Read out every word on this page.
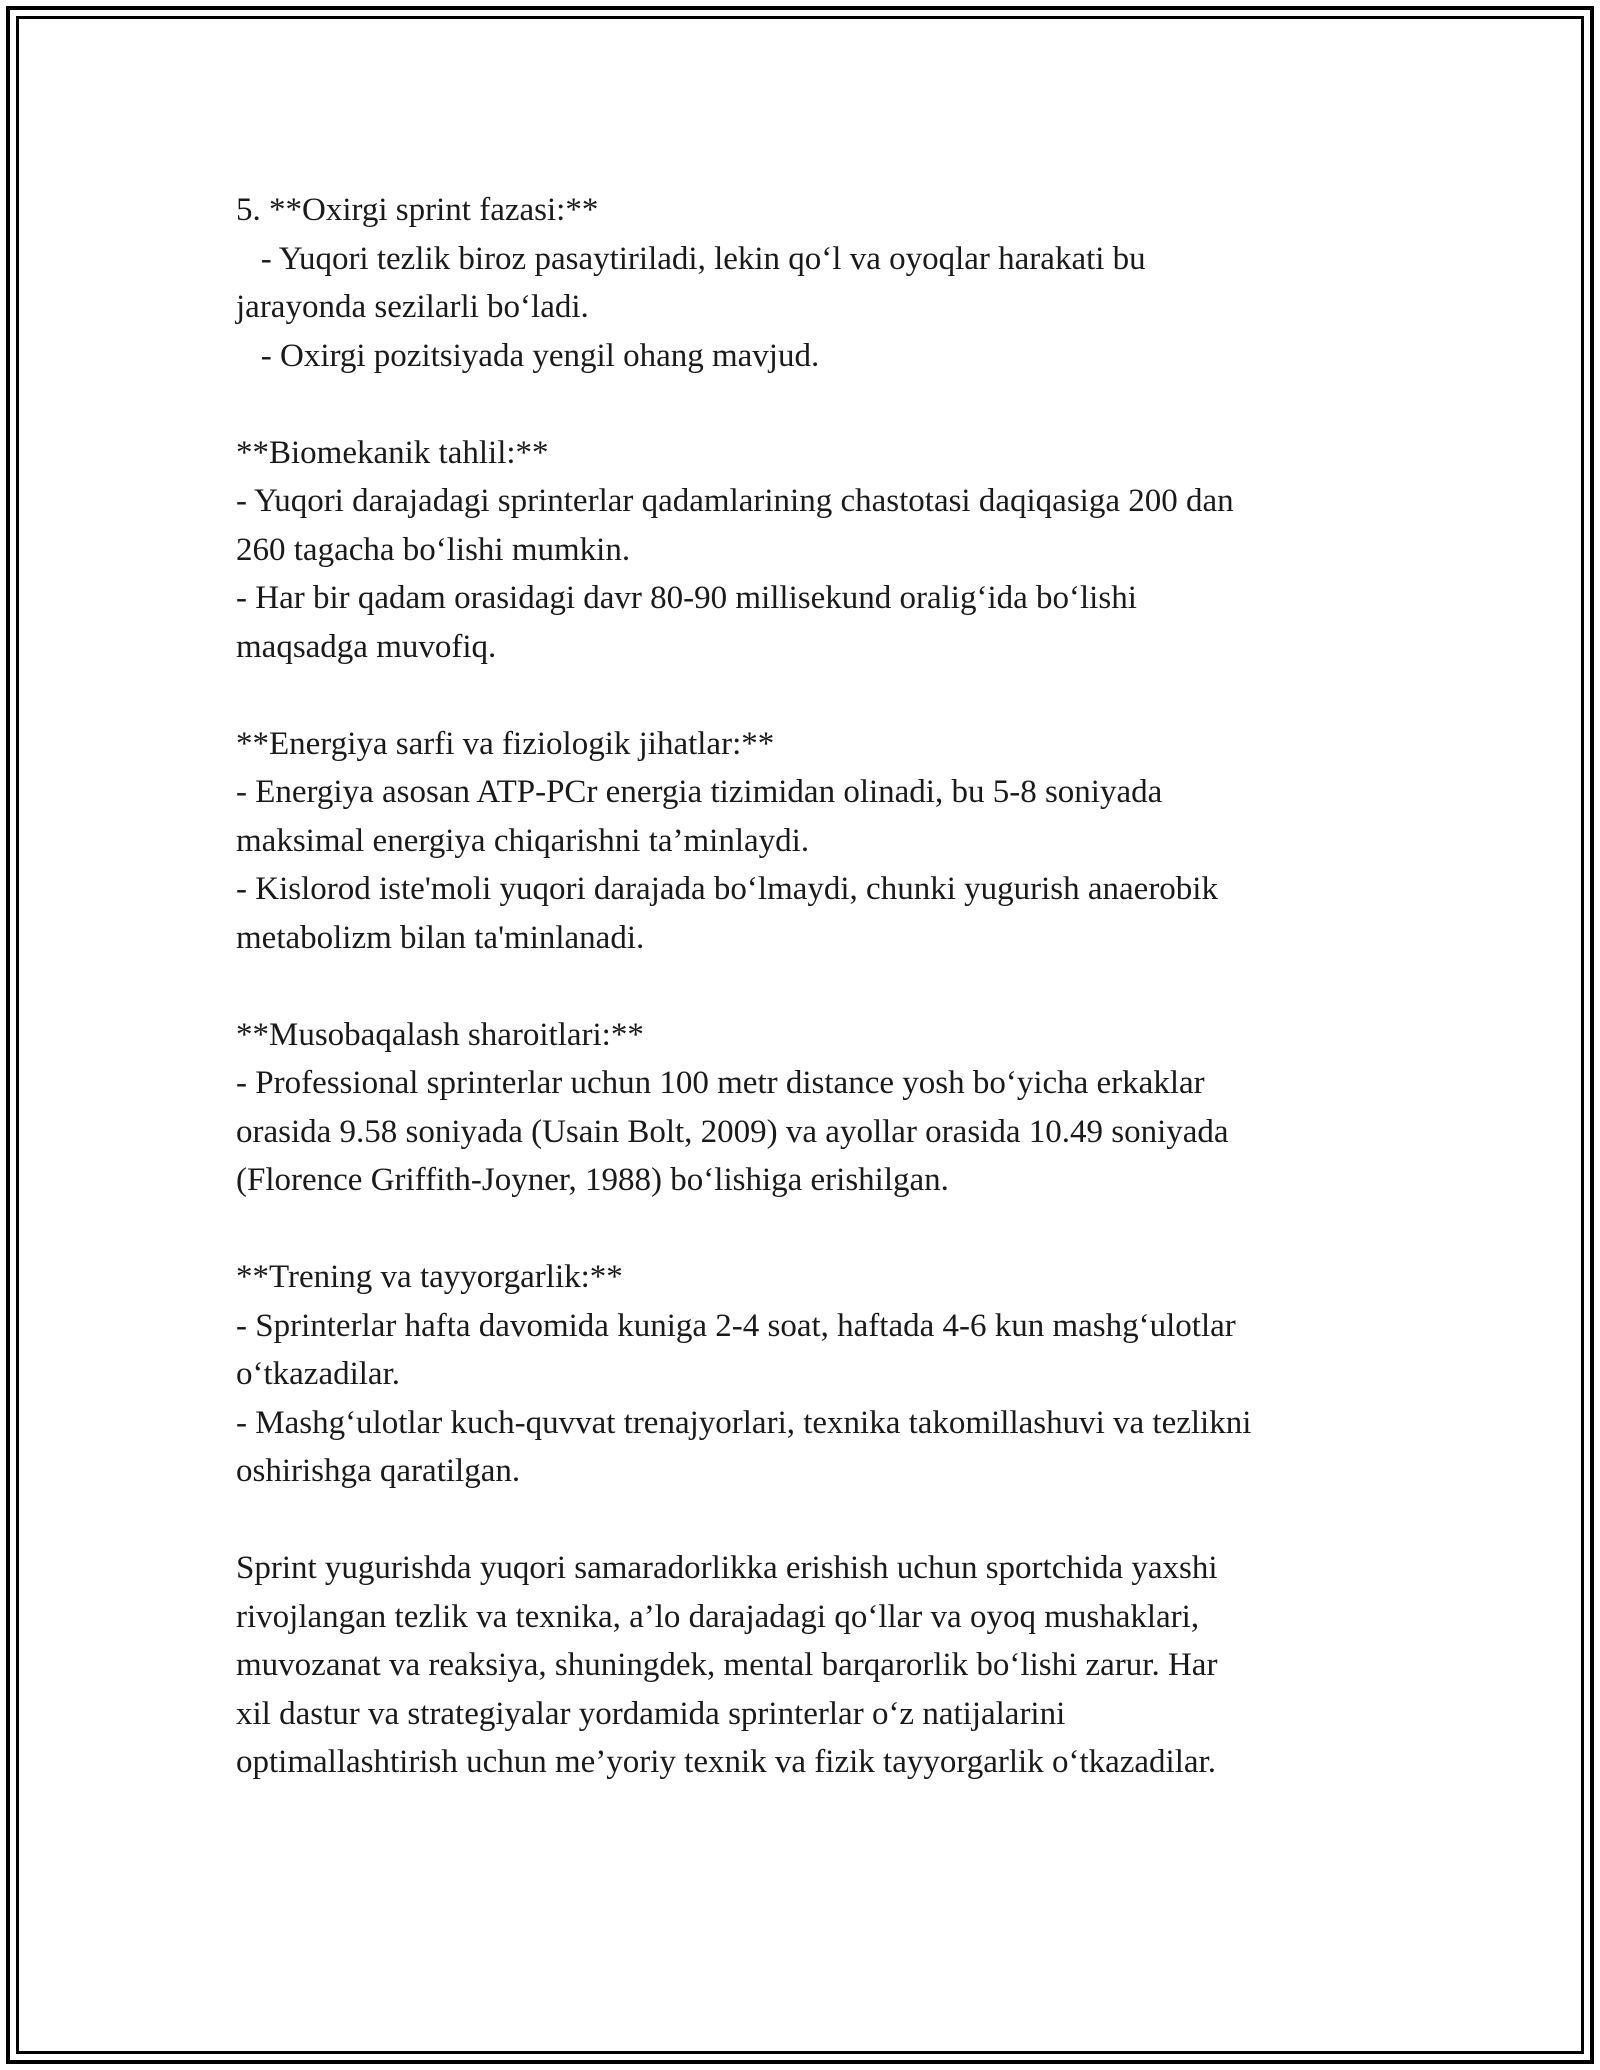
5. **Oxirgi sprint fazasi:**
- Yuqori tezlik biroz pasaytiriladi, lekin qo‘l va oyoqlar harakati bu
jarayonda sezilarli bo‘ladi.
- Oxirgi pozitsiyada yengil ohang mavjud.
**Biomekanik tahlil:**
- Yuqori darajadagi sprinterlar qadamlarining chastotasi daqiqasiga 200 dan
260 tagacha bo‘lishi mumkin.
- Har bir qadam orasidagi davr 80-90 millisekund oralig‘ida bo‘lishi
maqsadga muvofiq.
**Energiya sarfi va fiziologik jihatlar:**
- Energiya asosan ATP-PCr energia tizimidan olinadi, bu 5-8 soniyada
maksimal energiya chiqarishni ta’minlaydi.
- Kislorod iste'moli yuqori darajada bo‘lmaydi, chunki yugurish anaerobik
metabolizm bilan ta'minlanadi.
**Musobaqalash sharoitlari:**
- Professional sprinterlar uchun 100 metr distance yosh bo‘yicha erkaklar
orasida 9.58 soniyada (Usain Bolt, 2009) va ayollar orasida 10.49 soniyada
(Florence Griffith-Joyner, 1988) bo‘lishiga erishilgan.
**Trening va tayyorgarlik:**
- Sprinterlar hafta davomida kuniga 2-4 soat, haftada 4-6 kun mashg‘ulotlar
o‘tkazadilar.
- Mashg‘ulotlar kuch-quvvat trenajyorlari, texnika takomillashuvi va tezlikni
oshirishga qaratilgan.
Sprint yugurishda yuqori samaradorlikka erishish uchun sportchida yaxshi
rivojlangan tezlik va texnika, a’lo darajadagi qo‘llar va oyoq mushaklari,
muvozanat va reaksiya, shuningdek, mental barqarorlik bo‘lishi zarur. Har
xil dastur va strategiyalar yordamida sprinterlar o‘z natijalarini
optimallashtirish uchun me’yoriy texnik va fizik tayyorgarlik o‘tkazadilar.
